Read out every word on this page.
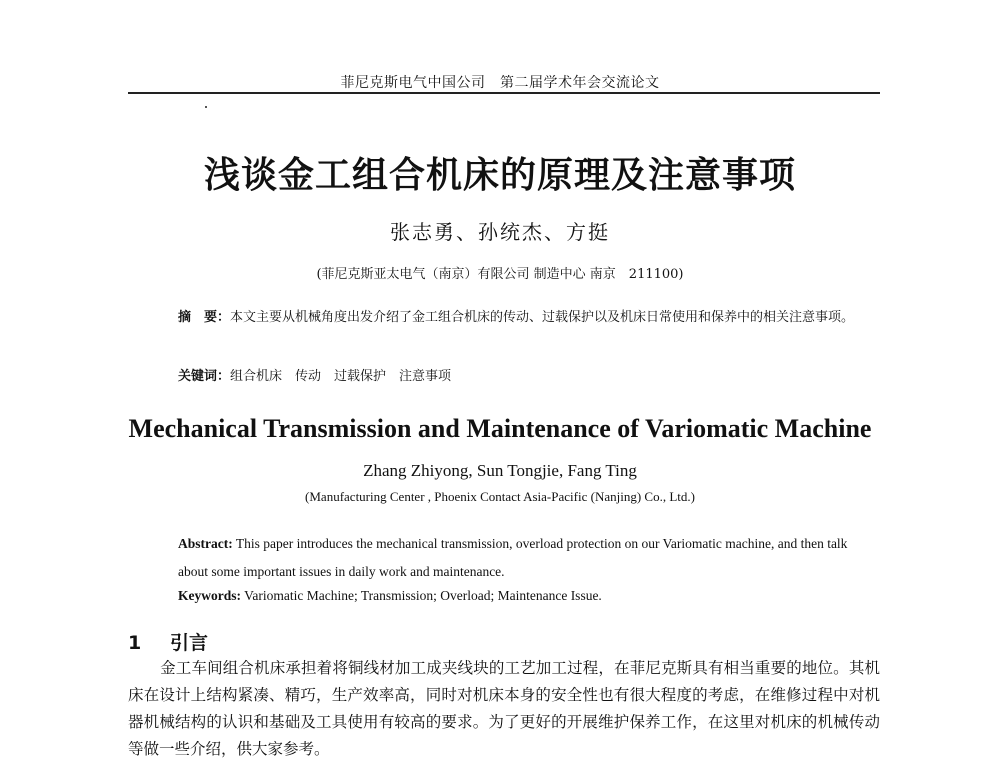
菲尼克斯电气中国公司　第二届学术年会交流论文
浅谈金工组合机床的原理及注意事项
张志勇、孙统杰、方挺
(菲尼克斯亚太电气（南京）有限公司 制造中心 南京　211100)
摘　要：本文主要从机械角度出发介绍了金工组合机床的传动、过载保护以及机床日常使用和保养中的相关注意事项。
关键词：组合机床　传动　过载保护　注意事项
Mechanical Transmission and Maintenance of Variomatic Machine
Zhang Zhiyong, Sun Tongjie, Fang Ting
(Manufacturing Center , Phoenix Contact Asia-Pacific (Nanjing) Co., Ltd.)
Abstract: This paper introduces the mechanical transmission, overload protection on our Variomatic machine, and then talk about some important issues in daily work and maintenance.
Keywords: Variomatic Machine; Transmission; Overload; Maintenance Issue.
1 引言
金工车间组合机床承担着将铜线材加工成夹线块的工艺加工过程，在菲尼克斯具有相当重要的地位。其机床在设计上结构紧凑、精巧，生产效率高，同时对机床本身的安全性也有很大程度的考虑，在维修过程中对机器机械结构的认识和基础及工具使用有较高的要求。为了更好的开展维护保养工作，在这里对机床的机械传动等做一些介绍，供大家参考。
